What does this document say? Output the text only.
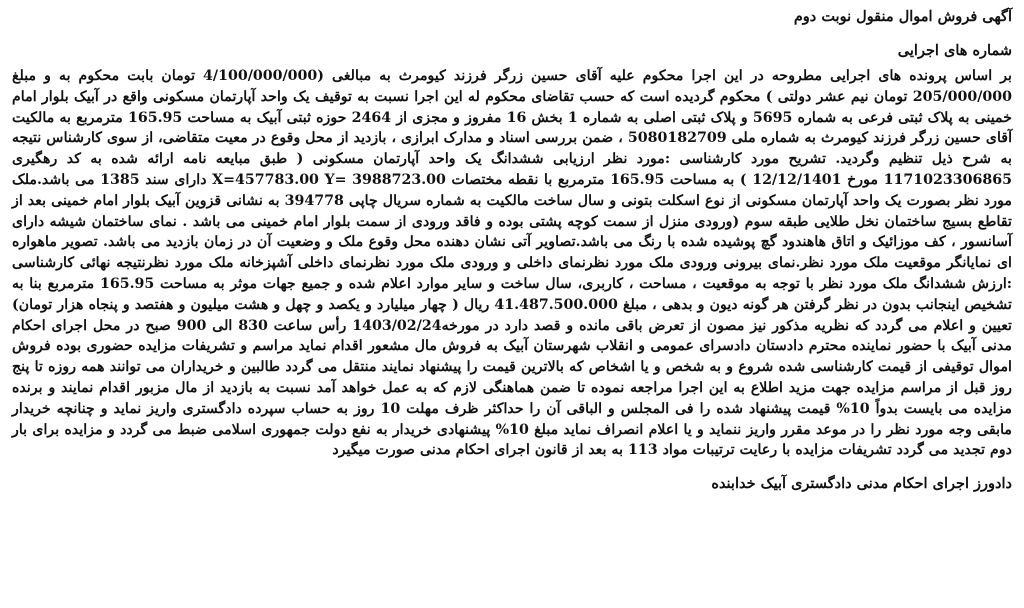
آگهی فروش اموال منقول نوبت دوم
شماره های اجرایی

بر اساس پرونده های اجرایی مطروحه در این اجرا محکوم علیه آقای حسین زرگر فرزند کیومرث به مبالغی (4/100/000/000 تومان بابت محکوم به و مبلغ 205/000/000 تومان نیم عشر دولتی ) محکوم گردیده است که حسب تقاضای محکوم له این اجرا نسبت به توقیف یک واحد آپارتمان مسکونی واقع در آبیک بلوار امام خمینی به پلاک ثبتی فرعی به شماره 5695 و پلاک ثبتی اصلی به شماره 1 بخش 16 مفروز و مجزی از 2464 حوزه ثبتی آبیک به مساحت 165.95 مترمربع به مالکیت آقای حسین زرگر فرزند کیومرث به شماره ملی 5080182709 ، ضمن بررسی اسناد و مدارک ابرازی ، بازدید از محل وقوع در معیت متقاضی، از سوی کارشناس نتیجه به شرح ذیل تنظیم وگردید. تشریح مورد کارشناسی :مورد نظر ارزیابی ششدانگ یک واحد آپارتمان مسکونی ( طبق مبایعه نامه ارائه شده به کد رهگیری 1171023306865 مورخ 12/12/1401 ) به مساحت 165.95 مترمربع با نقطه مختصات X=457783.00 Y= 3988723.00 دارای سند 1385 می باشد.ملک مورد نظر بصورت یک واحد آپارتمان مسکونی از نوع اسکلت بتونی و سال ساخت مالکیت به شماره سریال چاپی 394778 به نشانی قزوین آبیک بلوار امام خمینی بعد از تقاطع بسیج ساختمان نخل طلایی طبقه سوم (ورودی منزل از سمت کوچه پشتی بوده و فاقد ورودی از سمت بلوار امام خمینی می باشد . نمای ساختمان شیشه دارای آسانسور ، کف موزائیک و اتاق هاهندود گچ پوشیده شده با رنگ می باشد.تصاویر آتی نشان دهنده محل وقوع ملک و وضعیت آن در زمان بازدید می باشد. تصویر ماهواره ای نمایانگر موقعیت ملک مورد نظر.نمای بیرونی ورودی ملک مورد نظرنمای داخلی و ورودی ملک مورد نظرنمای داخلی آشپزخانه ملک مورد نظرنتیجه نهائی کارشناسی :ارزش ششدانگ ملک مورد نظر با توجه به موقعیت ، مساحت ، کاربری، سال ساخت و سایر موارد اعلام شده و جمیع جهات موثر به مساحت 165.95 مترمربع بنا به تشخیص اینجانب بدون در نظر گرفتن هر گونه دیون و بدهی ، مبلغ 41.487.500.000 ریال ( چهار میلیارد و یکصد و چهل و هشت میلیون و هفتصد و پنجاه هزار تومان) تعیین و اعلام می گردد که نظریه مذکور نیز مصون از تعرض باقی مانده و قصد دارد در مورخه1403/02/24 رأس ساعت 830 الی 900 صبح در محل اجرای احکام مدنی آبیک با حضور نماینده محترم دادستان دادسرای عمومی و انقلاب شهرستان آبیک به فروش مال مشعور اقدام نماید مراسم و تشریفات مزایده حضوری بوده فروش اموال توقیفی از قیمت کارشناسی شده شروع و به شخص و یا اشخاص که بالاترین قیمت را پیشنهاد نمایند منتقل می گردد طالبین و خریداران می توانند همه روزه تا پنج روز قبل از مراسم مزایده جهت مزید اطلاع به این اجرا مراجعه نموده تا ضمن هماهنگی لازم که به عمل خواهد آمد نسبت به بازدید از مال مزبور اقدام نمایند و برنده مزایده می بایست بدواً 10% قیمت پیشنهاد شده را فی المجلس و الباقی آن را حداکثر ظرف مهلت 10 روز به حساب سپرده دادگستری واریز نماید و چنانچه خریدار مابقی وجه مورد نظر را در موعد مقرر واریز ننماید و یا اعلام انصراف نماید مبلغ 10% پیشنهادی خریدار به نفع دولت جمهوری اسلامی ضبط می گردد و مزایده برای بار دوم تجدید می گردد تشریفات مزایده با رعایت ترتیبات مواد 113 به بعد از قانون اجرای احکام مدنی صورت میگیرد

دادورز اجرای احکام مدنی دادگستری آبیک خدابنده
